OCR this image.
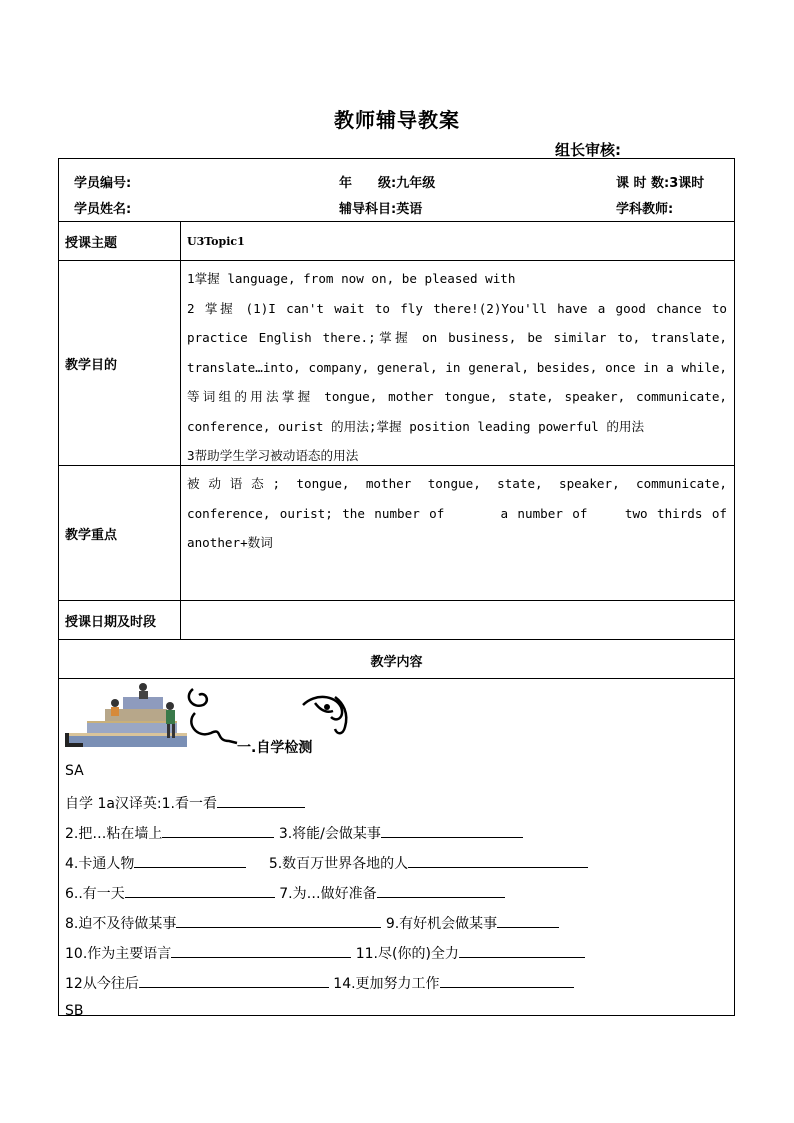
教师辅导教案
组长审核:
学员编号:	年　　级:九年级	课 时 数:3课时
学员姓名:	辅导科目:英语	学科教师:
授课主题	U3Topic1
教学目的

1掌握 language, from now on, be pleased with

2 掌握 (1)I can't wait to fly there!(2)You'll have a good chance to practice English there.;掌握 on business, be similar to, translate, translate…into, company, general, in general, besides, once in a while,等词组的用法掌握 tongue, mother tongue, state, speaker, communicate, conference, ourist 的用法;掌握 position leading powerful 的用法

3帮助学生学习被动语态的用法

教学重点

被动语态; tongue, mother tongue, state, speaker, communicate, conference, ourist; the number of      a number of    two thirds of another+数词

授课日期及时段
教学内容
一.自学检测
SA
自学 1a汉译英:1.看一看
2.把…粘在墙上	3.将能/会做某事
4.卡通人物	5.数百万世界各地的人
6..有一天	7.为…做好准备
8.迫不及待做某事	9.有好机会做某事
10.作为主要语言	11.尽(你的)全力
12从今往后	14.更加努力工作
SB
